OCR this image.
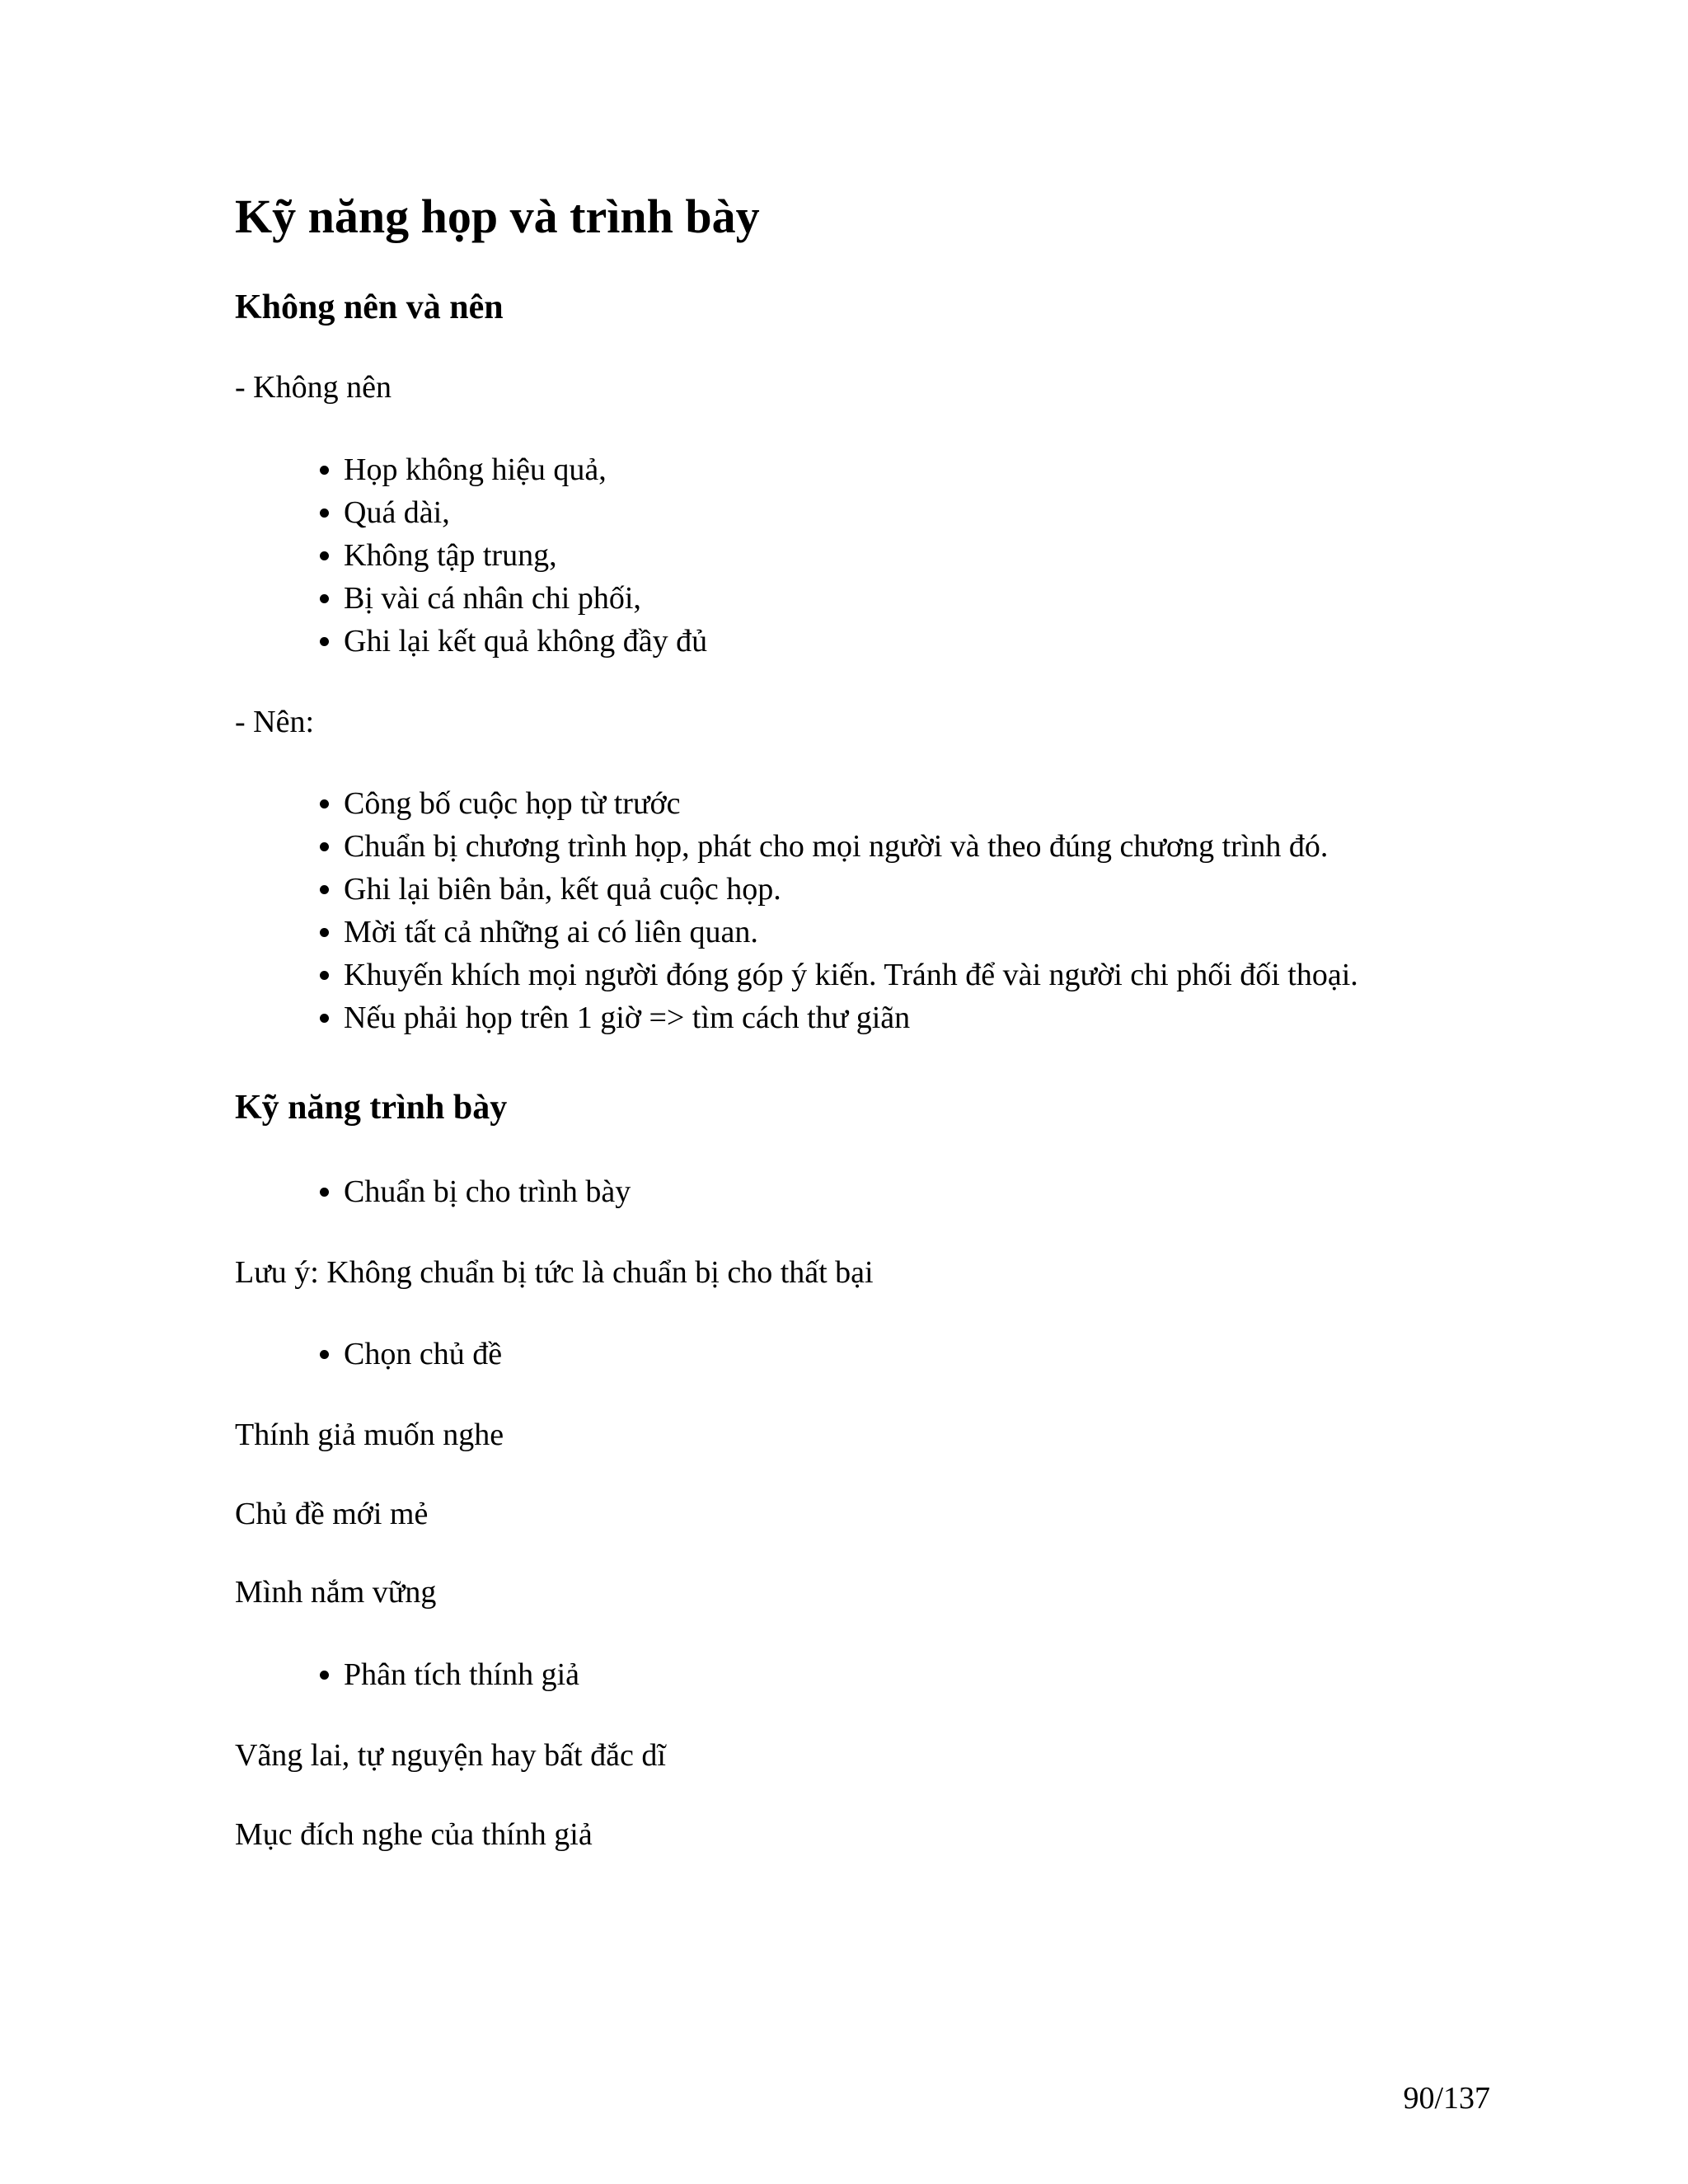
Kỹ năng họp và trình bày
Không nên và nên

- Không nên

• Họp không hiệu quả,
• Quá dài,
• Không tập trung,
• Bị vài cá nhân chi phối,
• Ghi lại kết quả không đầy đủ

- Nên:

• Công bố cuộc họp từ trước
• Chuẩn bị chương trình họp, phát cho mọi người và theo đúng chương trình đó.
• Ghi lại biên bản, kết quả cuộc họp.
• Mời tất cả những ai có liên quan.
• Khuyến khích mọi người đóng góp ý kiến. Tránh để vài người chi phối đối thoại.
• Nếu phải họp trên 1 giờ => tìm cách thư giãn
Kỹ năng trình bày
• Chuẩn bị cho trình bày

Lưu ý: Không chuẩn bị tức là chuẩn bị cho thất bại

• Chọn chủ đề

Thính giả muốn nghe

Chủ đề mới mẻ

Mình nắm vững

• Phân tích thính giả

Vãng lai, tự nguyện hay bất đắc dĩ

Mục đích nghe của thính giả

90/137
